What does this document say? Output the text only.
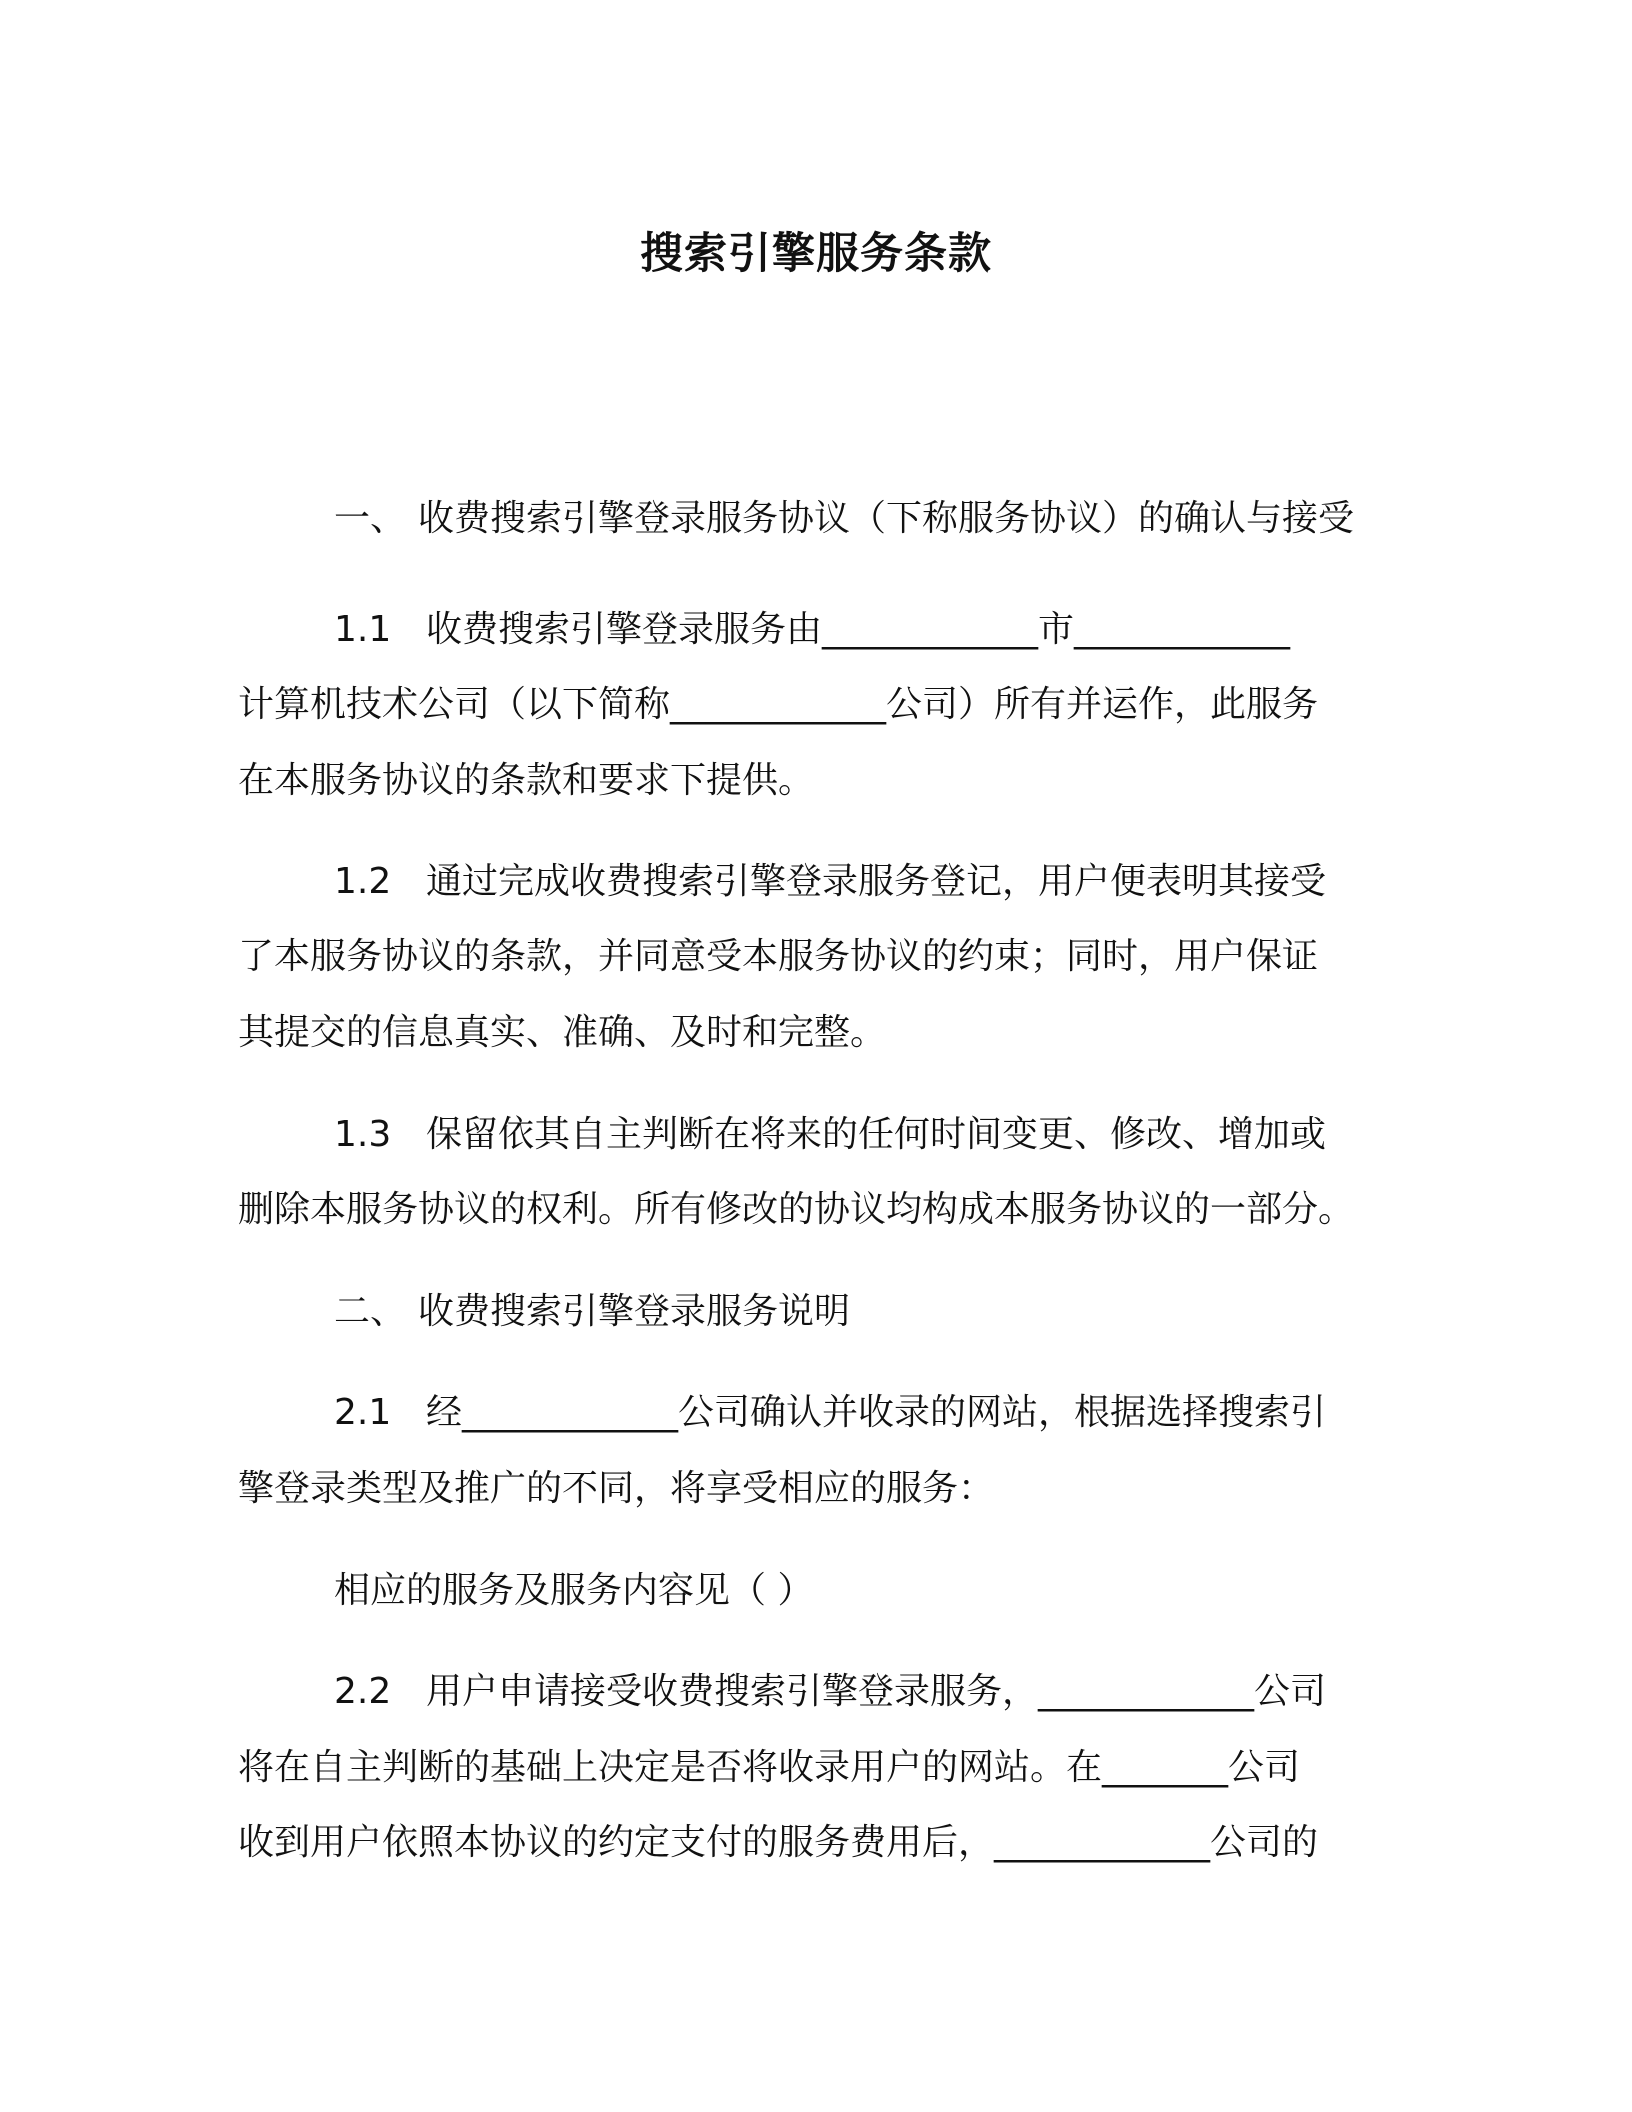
搜索引擎服务条款
一、 收费搜索引擎登录服务协议（下称服务协议）的确认与接受
1.1 收费搜索引擎登录服务由____________市____________
计算机技术公司（以下简称____________公司）所有并运作，此服务
在本服务协议的条款和要求下提供。
1.2 通过完成收费搜索引擎登录服务登记，用户便表明其接受
了本服务协议的条款，并同意受本服务协议的约束；同时，用户保证
其提交的信息真实、准确、及时和完整。
1.3 保留依其自主判断在将来的任何时间变更、修改、增加或
删除本服务协议的权利。所有修改的协议均构成本服务协议的一部分。
二、 收费搜索引擎登录服务说明
2.1 经____________公司确认并收录的网站，根据选择搜索引
擎登录类型及推广的不同，将享受相应的服务：
相应的服务及服务内容见（ ）
2.2 用户申请接受收费搜索引擎登录服务，____________公司
将在自主判断的基础上决定是否将收录用户的网站。在_______公司
收到用户依照本协议的约定支付的服务费用后，____________公司的
